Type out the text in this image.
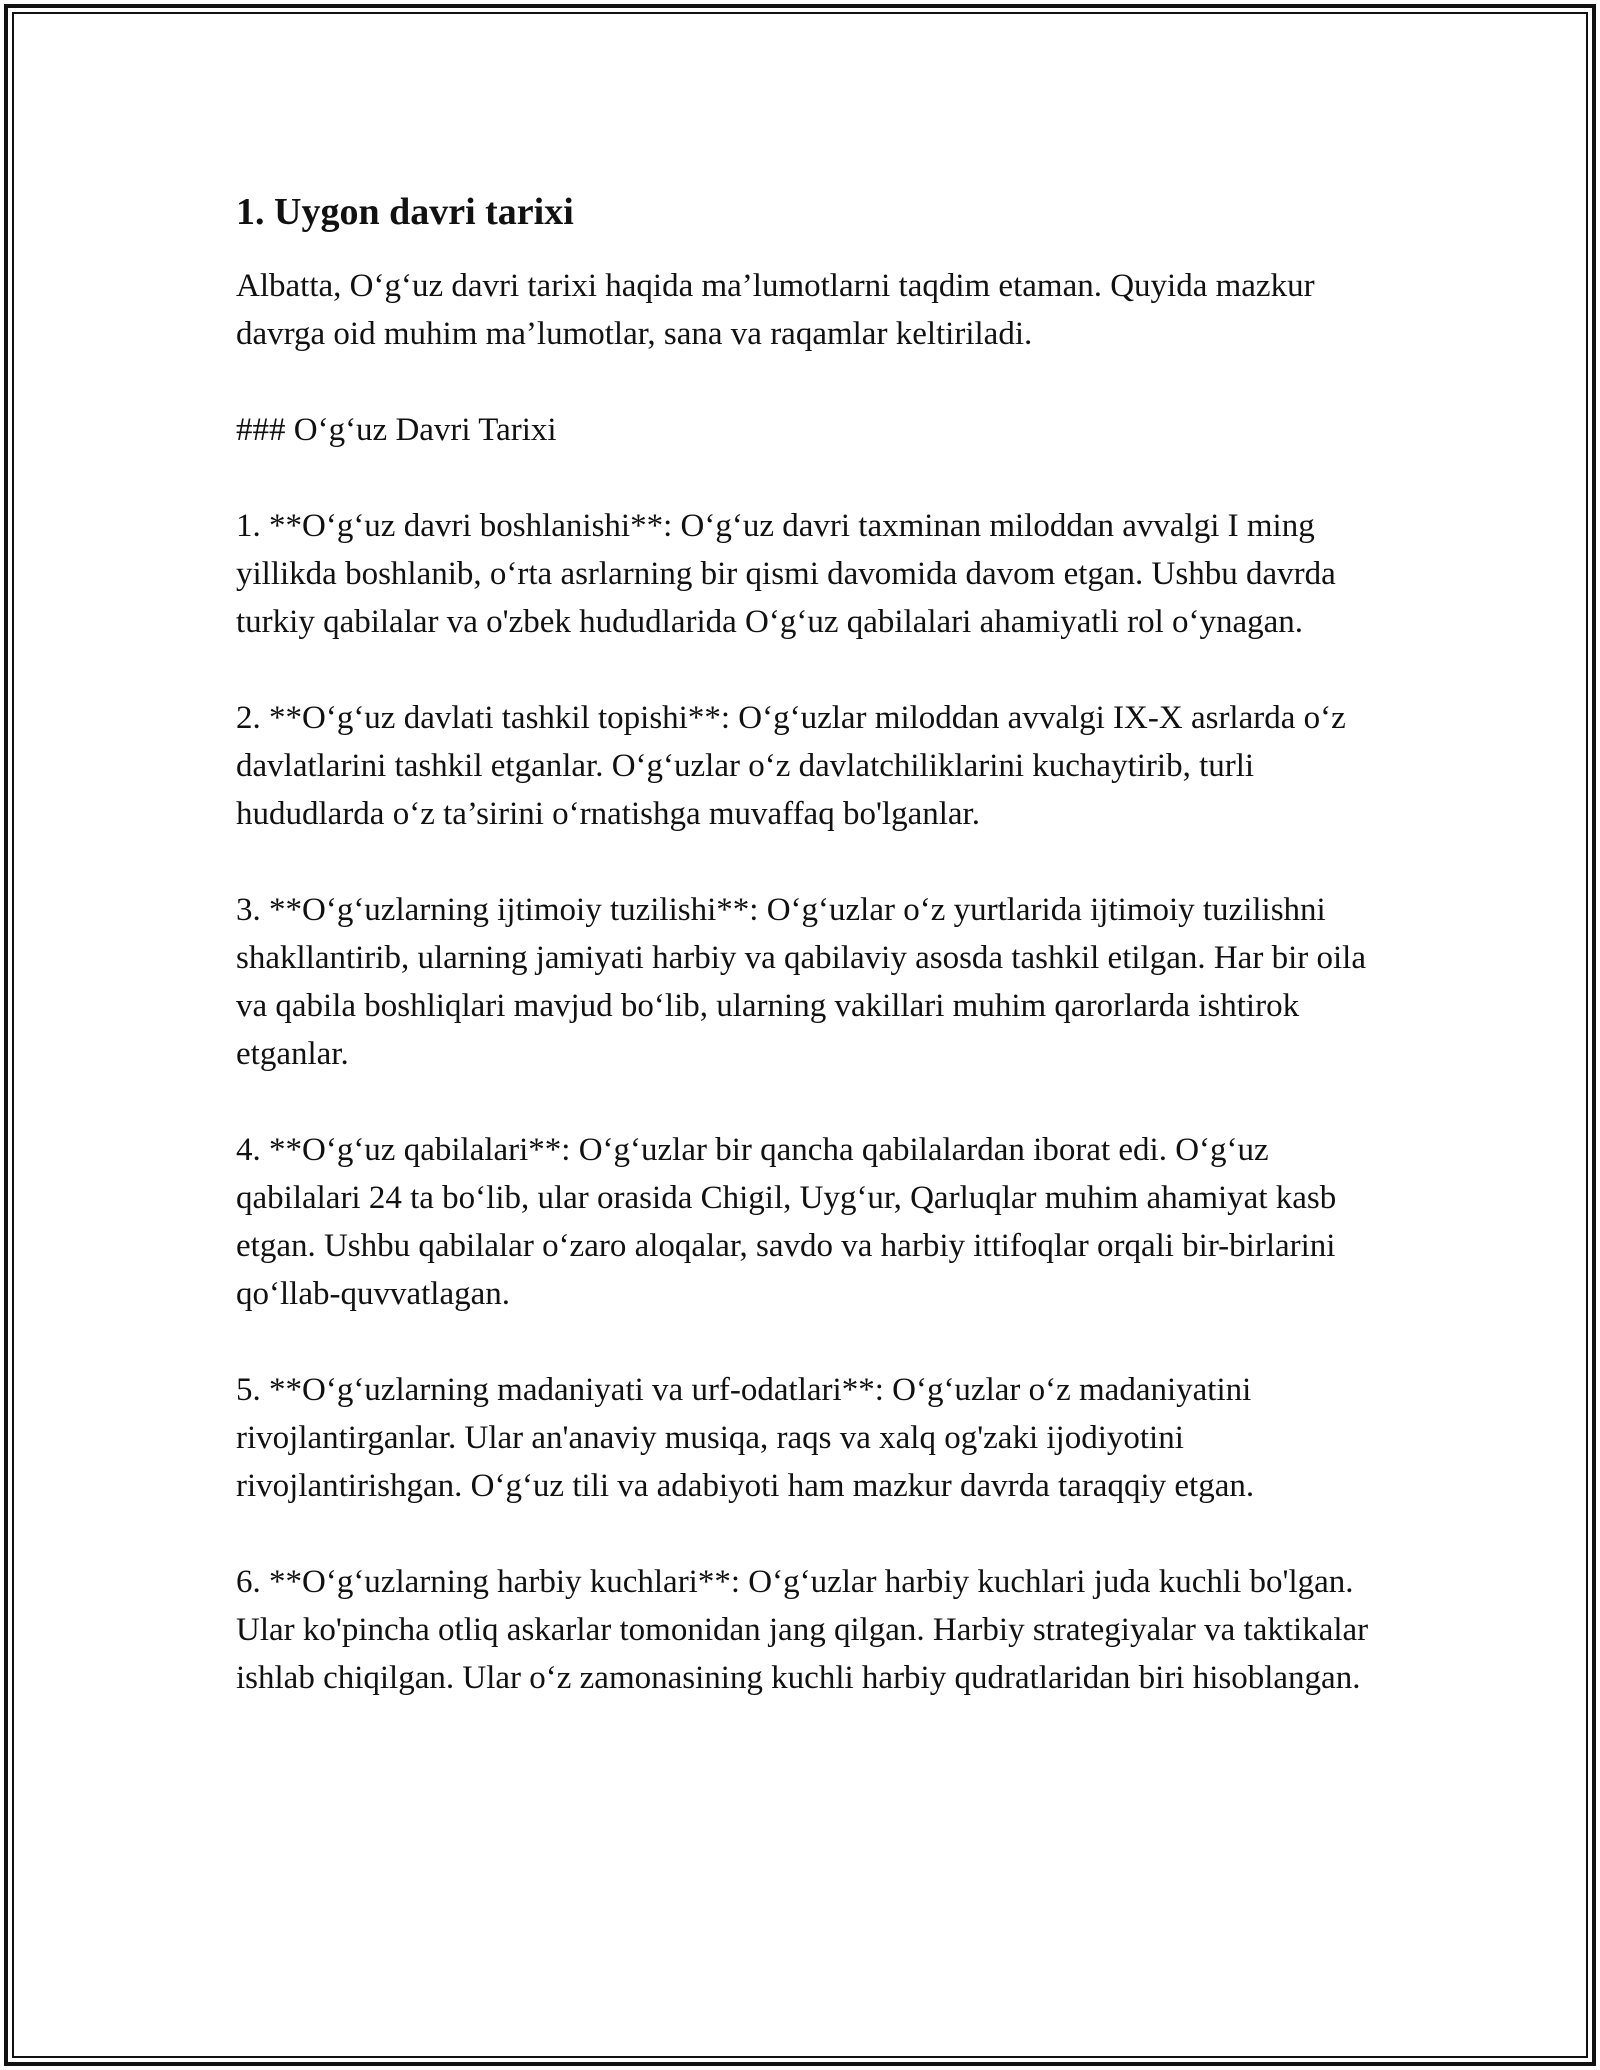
1. Uygon davri tarixi

Albatta, O‘g‘uz davri tarixi haqida ma’lumotlarni taqdim etaman. Quyida mazkur davrga oid muhim ma’lumotlar, sana va raqamlar keltiriladi.

### O‘g‘uz Davri Tarixi

1. **O‘g‘uz davri boshlanishi**: O‘g‘uz davri taxminan miloddan avvalgi I ming yillikda boshlanib, o‘rta asrlarning bir qismi davomida davom etgan. Ushbu davrda turkiy qabilalar va o'zbek hududlarida O‘g‘uz qabilalari ahamiyatli rol o‘ynagan.

2. **O‘g‘uz davlati tashkil topishi**: O‘g‘uzlar miloddan avvalgi IX-X asrlarda o‘z davlatlarini tashkil etganlar. O‘g‘uzlar o‘z davlatchiliklarini kuchaytirib, turli hududlarda o‘z ta’sirini o‘rnatishga muvaffaq bo'lganlar.

3. **O‘g‘uzlarning ijtimoiy tuzilishi**: O‘g‘uzlar o‘z yurtlarida ijtimoiy tuzilishni shakllantirib, ularning jamiyati harbiy va qabilaviy asosda tashkil etilgan. Har bir oila va qabila boshliqlari mavjud bo‘lib, ularning vakillari muhim qarorlarda ishtirok etganlar.

4. **O‘g‘uz qabilalari**: O‘g‘uzlar bir qancha qabilalardan iborat edi. O‘g‘uz qabilalari 24 ta bo‘lib, ular orasida Chigil, Uyg‘ur, Qarluqlar muhim ahamiyat kasb etgan. Ushbu qabilalar o‘zaro aloqalar, savdo va harbiy ittifoqlar orqali bir-birlarini qo‘llab-quvvatlagan.

5. **O‘g‘uzlarning madaniyati va urf-odatlari**: O‘g‘uzlar o‘z madaniyatini rivojlantirganlar. Ular an'anaviy musiqa, raqs va xalq og'zaki ijodiyotini rivojlantirishgan. O‘g‘uz tili va adabiyoti ham mazkur davrda taraqqiy etgan.

6. **O‘g‘uzlarning harbiy kuchlari**: O‘g‘uzlar harbiy kuchlari juda kuchli bo'lgan. Ular ko'pincha otliq askarlar tomonidan jang qilgan. Harbiy strategiyalar va taktikalar ishlab chiqilgan. Ular o‘z zamonasining kuchli harbiy qudratlaridan biri hisoblangan.
